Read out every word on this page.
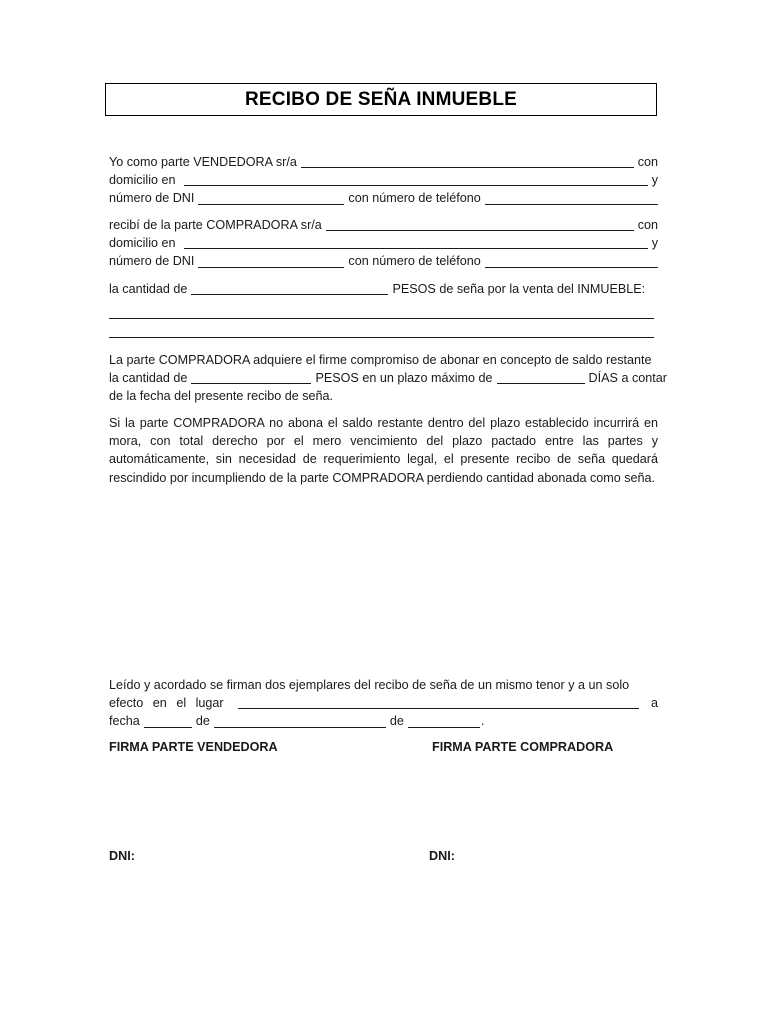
RECIBO DE SEÑA INMUEBLE
Yo como parte VENDEDORA sr/a	con
domicilio en	y
número de DNI	con número de teléfono
recibí de la parte COMPRADORA sr/a	con
domicilio en	y
número de DNI	con número de teléfono
la cantidad de	PESOS de seña por la venta del INMUEBLE:
La parte COMPRADORA adquiere el firme compromiso de abonar en concepto de saldo restante
la cantidad de	PESOS en un plazo máximo de	DÍAS a contar
de la fecha del presente recibo de seña.
Si la parte COMPRADORA no abona el saldo restante dentro del plazo establecido incurrirá en mora, con total derecho por el mero vencimiento del plazo pactado entre las partes y automáticamente, sin necesidad de requerimiento legal, el presente recibo de seña quedará rescindido por incumpliendo de la parte COMPRADORA perdiendo cantidad abonada como seña.
Leído y acordado se firman dos ejemplares del recibo de seña de un mismo tenor y a un solo
efecto en el lugar	a
fecha	de	de	.
FIRMA PARTE VENDEDORA	FIRMA PARTE COMPRADORA
DNI:	DNI:
